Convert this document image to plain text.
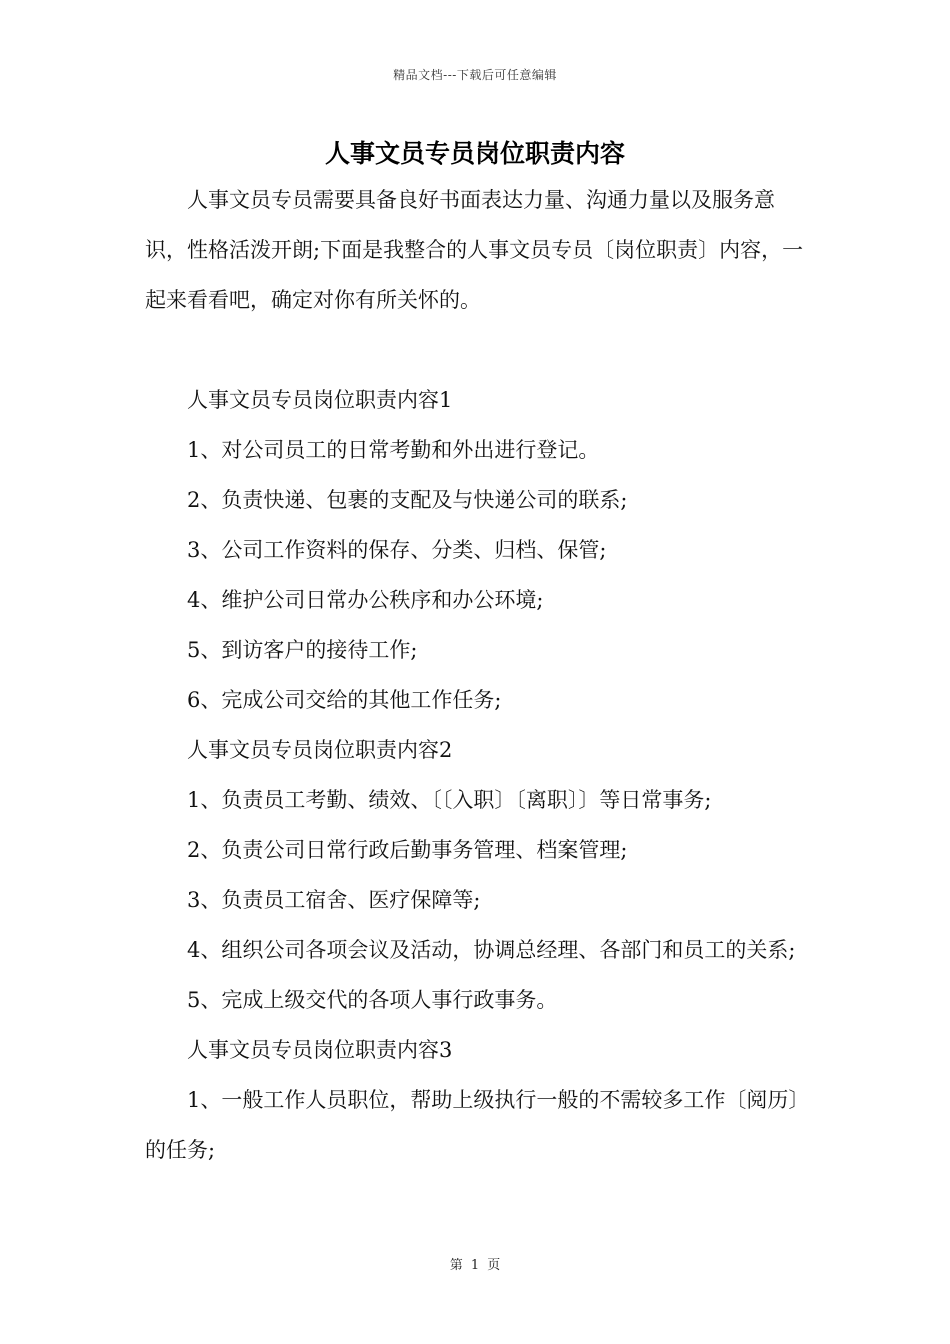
精品文档---下载后可任意编辑
人事文员专员岗位职责内容

人事文员专员需要具备良好书面表达力量、沟通力量以及服务意识，性格活泼开朗;下面是我整合的人事文员专员〔岗位职责〕内容，一起来看看吧，确定对你有所关怀的。

人事文员专员岗位职责内容1

1、对公司员工的日常考勤和外出进行登记。

2、负责快递、包裹的支配及与快递公司的联系;

3、公司工作资料的保存、分类、归档、保管;

4、维护公司日常办公秩序和办公环境;

5、到访客户的接待工作;

6、完成公司交给的其他工作任务;

人事文员专员岗位职责内容2

1、负责员工考勤、绩效、〔〔入职〕〔离职〕〕等日常事务;

2、负责公司日常行政后勤事务管理、档案管理;

3、负责员工宿舍、医疗保障等;

4、组织公司各项会议及活动，协调总经理、各部门和员工的关系;

5、完成上级交代的各项人事行政事务。

人事文员专员岗位职责内容3

1、一般工作人员职位，帮助上级执行一般的不需较多工作〔阅历〕的任务;

第 1 页
